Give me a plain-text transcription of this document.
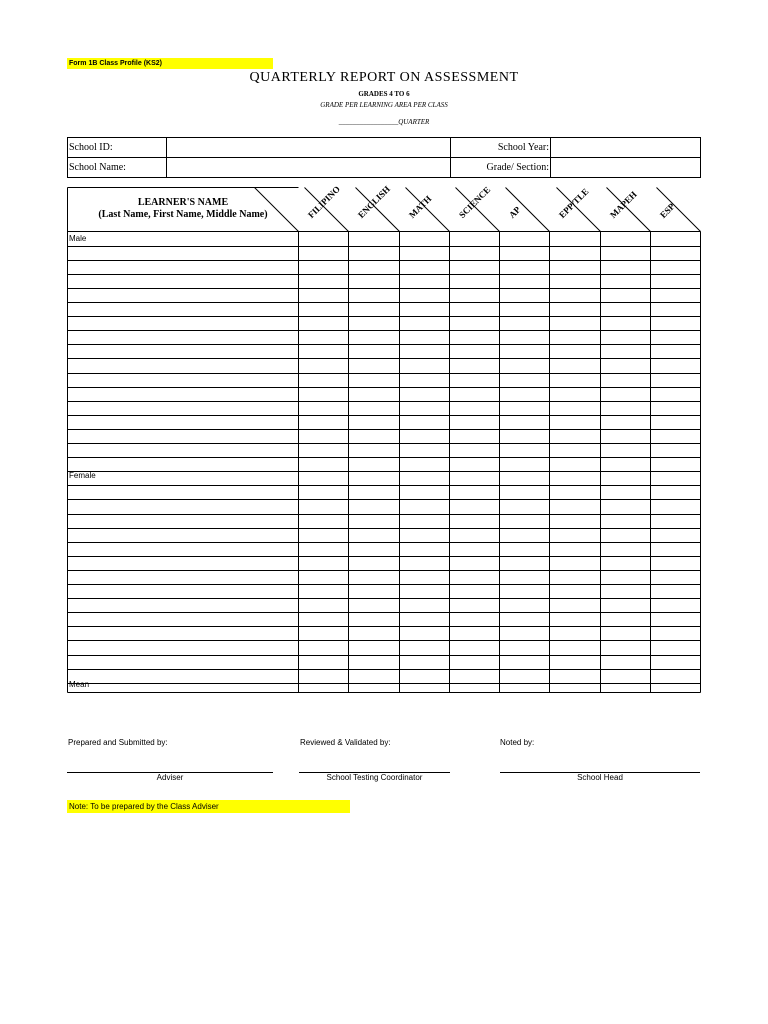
Form 1B Class Profile (KS2)
QUARTERLY REPORT ON ASSESSMENT
GRADES 4 TO 6
GRADE PER LEARNING AREA PER CLASS
_________________QUARTER
School ID:
School Name:
School Year:
Grade/ Section:
LEARNER'S NAME
(Last Name, First Name, Middle Name)	FILIPINO ENGLISH MATH	SCIENCE AP	EPP/TLE MAPEH ESP
Male
Female
Mean
Prepared and Submitted by:	Reviewed & Validated by:	Noted by:
Adviser	School Testing Coordinator	School Head
Note: To be prepared by the Class Adviser
